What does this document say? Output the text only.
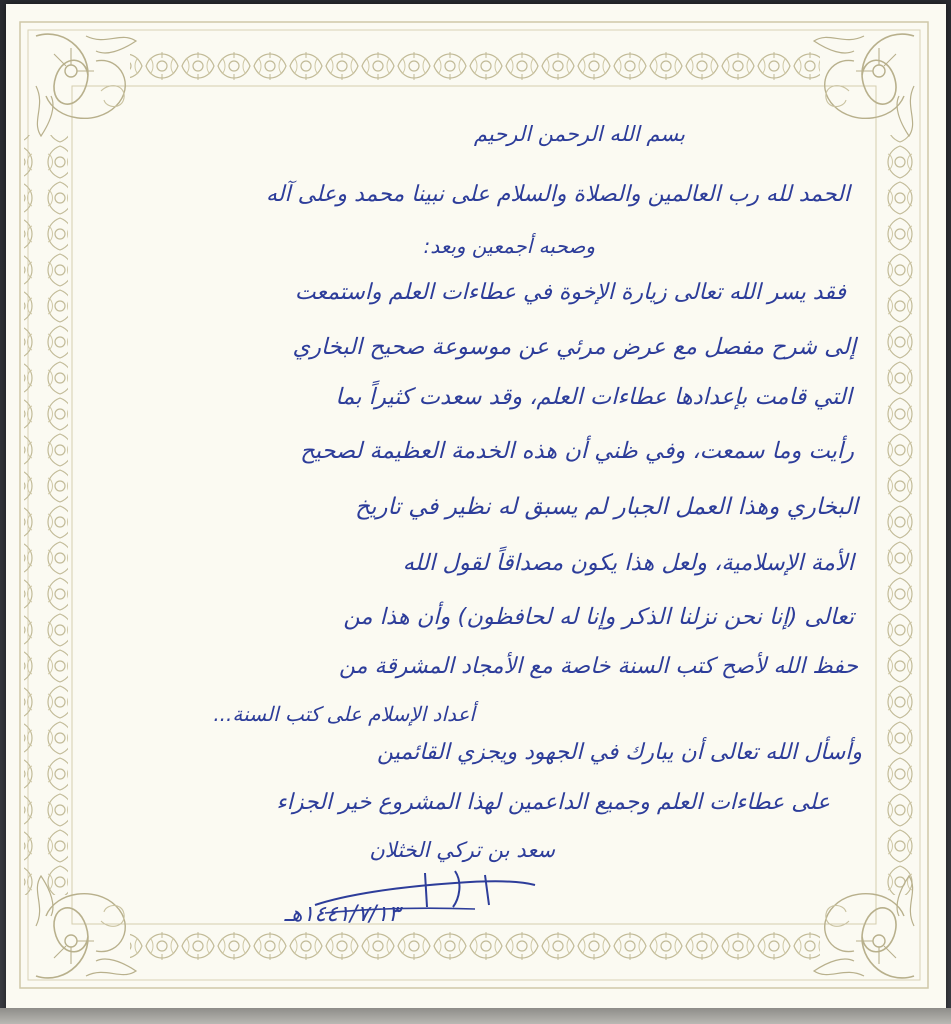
بسم الله الرحمن الرحيم
الحمد لله رب العالمين والصلاة والسلام على نبينا محمد وعلى آله
وصحبه أجمعين وبعد:
فقد يسر الله تعالى زيارة الإخوة في عطاءات العلم واستمعت
إلى شرح مفصل مع عرض مرئي عن موسوعة صحيح البخاري
التي قامت بإعدادها عطاءات العلم، وقد سعدت كثيراً بما
رأيت وما سمعت، وفي ظني أن هذه الخدمة العظيمة لصحيح
البخاري وهذا العمل الجبار لم يسبق له نظير في تاريخ
الأمة الإسلامية، ولعل هذا يكون مصداقاً لقول الله
تعالى (إنا نحن نزلنا الذكر وإنا له لحافظون) وأن هذا من
حفظ الله لأصح كتب السنة خاصة مع الأمجاد المشرقة من
أعداد الإسلام على كتب السنة...
وأسأل الله تعالى أن يبارك في الجهود ويجزي القائمين
على عطاءات العلم وجميع الداعمين لهذا المشروع خير الجزاء
سعد بن تركي الخثلان
١٤٤١/٧/١٣هـ
